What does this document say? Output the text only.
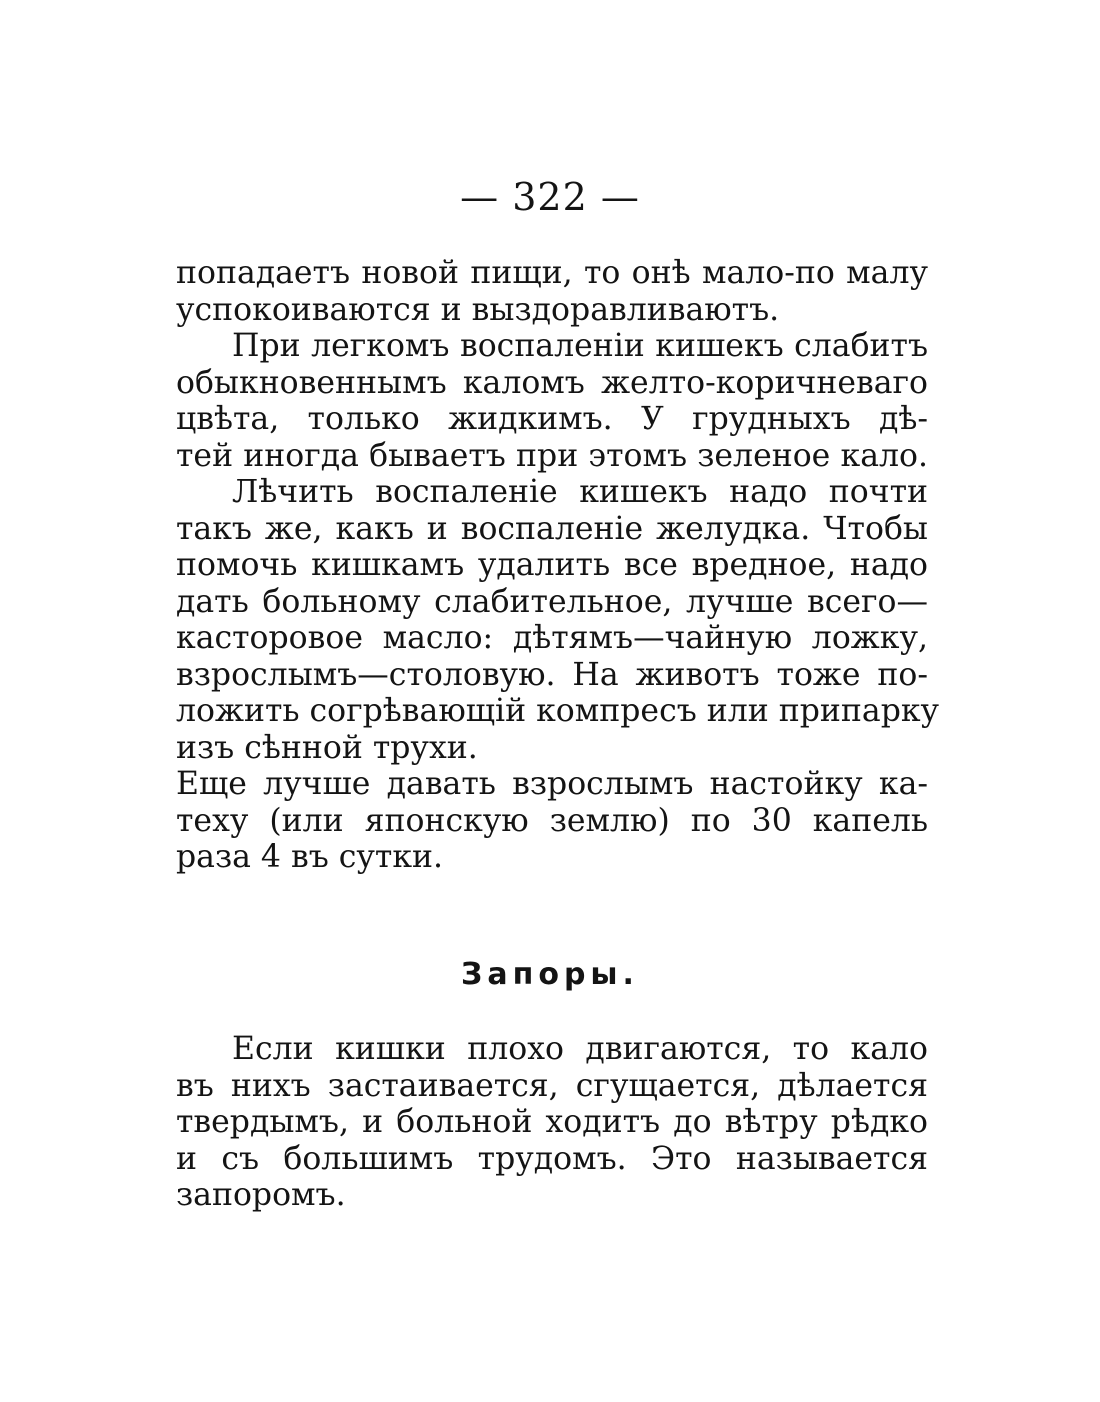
— 322 —
попадаетъ новой пищи, то онѣ мало-по малу
успокоиваются и выздоравливаютъ.
При легкомъ воспаленіи кишекъ слабитъ
обыкновеннымъ каломъ желто-коричневаго
цвѣта, только жидкимъ. У грудныхъ дѣ-
тей иногда бываетъ при этомъ зеленое кало.
Лѣчить воспаленіе кишекъ надо почти
такъ же, какъ и воспаленіе желудка. Чтобы
помочь кишкамъ удалить все вредное, надо
дать больному слабительное, лучше всего—
касторовое масло: дѣтямъ—чайную ложку,
взрослымъ—столовую. На животъ тоже по-
ложить согрѣвающій компресъ или припарку
изъ сѣнной трухи.
Еще лучше давать взрослымъ настойку ка-
теху (или японскую землю) по 30 капель
раза 4 въ сутки.
Запоры.
Если кишки плохо двигаются, то кало
въ нихъ застаивается, сгущается, дѣлается
твердымъ, и больной ходитъ до вѣтру рѣдко
и съ большимъ трудомъ. Это называется
запоромъ.
